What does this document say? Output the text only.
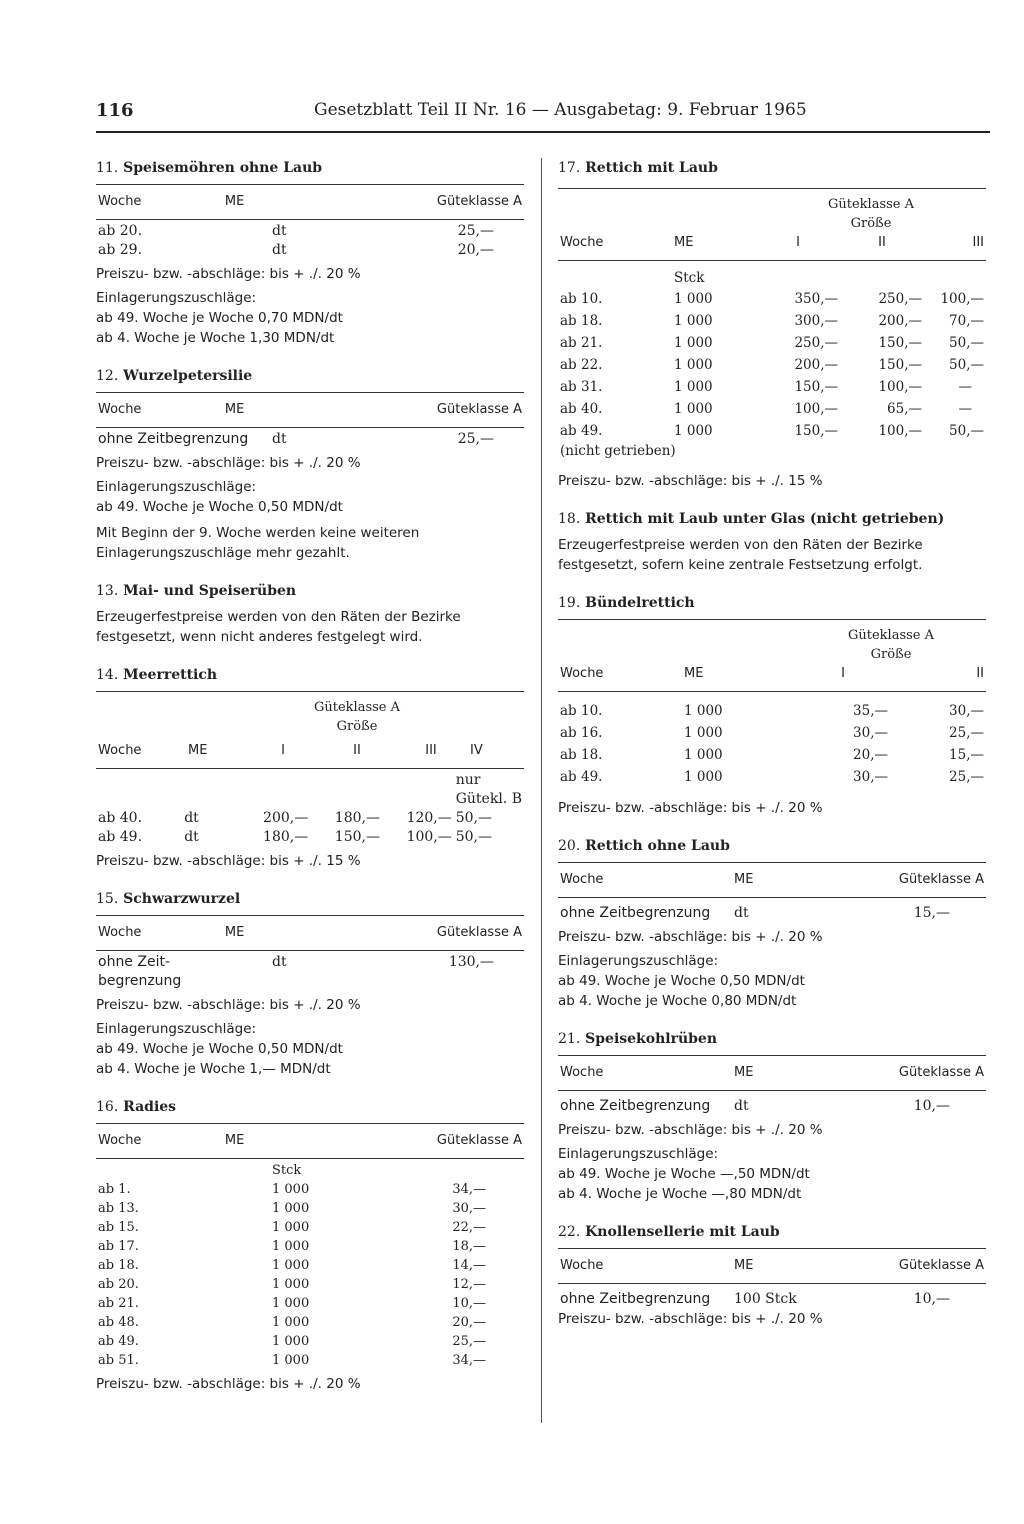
116	Gesetzblatt Teil II Nr. 16 — Ausgabetag: 9. Februar 1965
11. Speisemöhren ohne Laub
Woche	ME	Güteklasse A
ab 20.	dt	25,—
ab 29.	dt	20,—
Preiszu- bzw. -abschläge: bis + ./. 20 %
Einlagerungszuschläge:
ab 49. Woche je Woche 0,70 MDN/dt
ab 4. Woche je Woche 1,30 MDN/dt
12. Wurzelpetersilie
Woche	ME	Güteklasse A
ohne Zeitbegrenzung	dt	25,—
Preiszu- bzw. -abschläge: bis + ./. 20 %
Einlagerungszuschläge:
ab 49. Woche je Woche 0,50 MDN/dt
Mit Beginn der 9. Woche werden keine weiteren Einlagerungszuschläge mehr gezahlt.
13. Mai- und Speiserüben
Erzeugerfestpreise werden von den Räten der Bezirke festgesetzt, wenn nicht anderes festgelegt wird.
14. Meerrettich
		Güteklasse A			
		Größe			
Woche	ME	I	II	III	IV
					nur
					Gütekl. B
ab 40.	dt	200,—	180,—	120,—	50,—
ab 49.	dt	180,—	150,—	100,—	50,—
Preiszu- bzw. -abschläge: bis + ./. 15 %
15. Schwarzwurzel
Woche	ME	Güteklasse A
ohne Zeit-	dt	130,—
begrenzung		
Preiszu- bzw. -abschläge: bis + ./. 20 %
Einlagerungszuschläge:
ab 49. Woche je Woche 0,50 MDN/dt
ab 4. Woche je Woche 1,— MDN/dt
16. Radies
Woche	ME	Güteklasse A
	Stck	
ab 1.	1 000	34,—
ab 13.	1 000	30,—
ab 15.	1 000	22,—
ab 17.	1 000	18,—
ab 18.	1 000	14,—
ab 20.	1 000	12,—
ab 21.	1 000	10,—
ab 48.	1 000	20,—
ab 49.	1 000	25,—
ab 51.	1 000	34,—
Preiszu- bzw. -abschläge: bis + ./. 20 %
17. Rettich mit Laub
		Güteklasse A		
		Größe		
Woche	ME	I	II	III
	Stck			
ab 10.	1 000	350,—	250,—	100,—
ab 18.	1 000	300,—	200,—	70,—
ab 21.	1 000	250,—	150,—	50,—
ab 22.	1 000	200,—	150,—	50,—
ab 31.	1 000	150,—	100,—	—
ab 40.	1 000	100,—	65,—	—
ab 49.	1 000	150,—	100,—	50,—
(nicht getrieben)				
Preiszu- bzw. -abschläge: bis + ./. 15 %
18. Rettich mit Laub unter Glas (nicht getrieben)
Erzeugerfestpreise werden von den Räten der Bezirke festgesetzt, sofern keine zentrale Festsetzung erfolgt.
19. Bündelrettich
		Güteklasse A	
		Größe	
Woche	ME	I	II
ab 10.	1 000	35,—	30,—
ab 16.	1 000	30,—	25,—
ab 18.	1 000	20,—	15,—
ab 49.	1 000	30,—	25,—
Preiszu- bzw. -abschläge: bis + ./. 20 %
20. Rettich ohne Laub
Woche	ME	Güteklasse A
ohne Zeitbegrenzung	dt	15,—
Preiszu- bzw. -abschläge: bis + ./. 20 %
Einlagerungszuschläge:
ab 49. Woche je Woche 0,50 MDN/dt
ab 4. Woche je Woche 0,80 MDN/dt
21. Speisekohlrüben
Woche	ME	Güteklasse A
ohne Zeitbegrenzung	dt	10,—
Preiszu- bzw. -abschläge: bis + ./. 20 %
Einlagerungszuschläge:
ab 49. Woche je Woche —,50 MDN/dt
ab 4. Woche je Woche —,80 MDN/dt
22. Knollensellerie mit Laub
Woche	ME	Güteklasse A
ohne Zeitbegrenzung	100 Stck	10,—
Preiszu- bzw. -abschläge: bis + ./. 20 %
